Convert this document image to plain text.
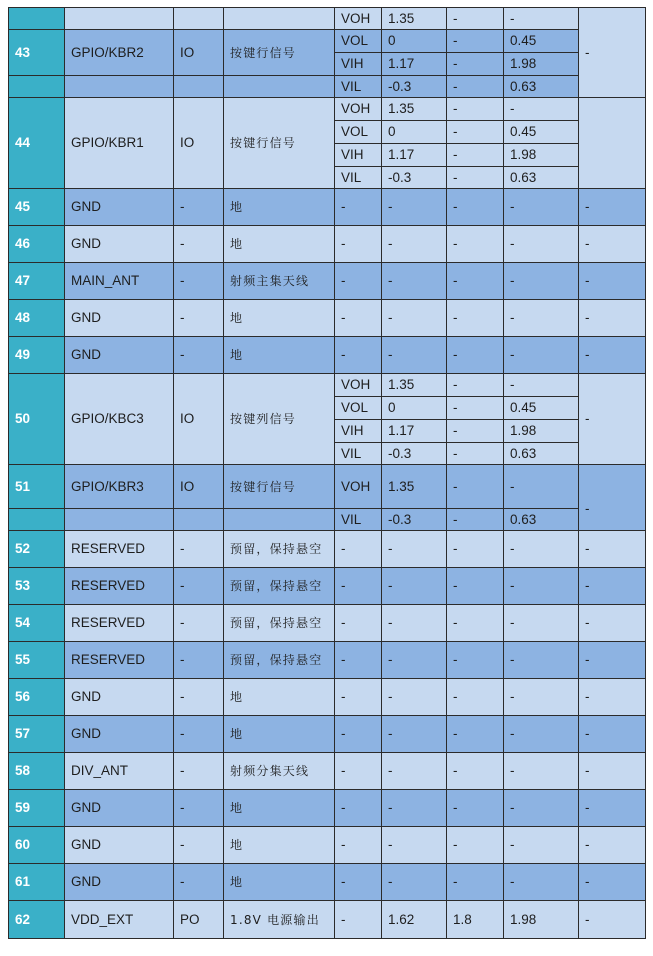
				VOH	1.35	-	-	-
43	GPIO/KBR2	IO	按键行信号	VOL	0	-	0.45	
				VIH	1.17	-	1.98	
				VIL	-0.3	-	0.63	
44	GPIO/KBR1	IO	按键行信号	VOH	1.35	-	-	
				VOL	0	-	0.45	
				VIH	1.17	-	1.98	
				VIL	-0.3	-	0.63	
45	GND	-	地	-	-	-	-	-
46	GND	-	地	-	-	-	-	-
47	MAIN_ANT	-	射频主集天线	-	-	-	-	-
48	GND	-	地	-	-	-	-	-
49	GND	-	地	-	-	-	-	-
50	GPIO/KBC3	IO	按键列信号	VOH	1.35	-	-	-
				VOL	0	-	0.45	
				VIH	1.17	-	1.98	
				VIL	-0.3	-	0.63	
51	GPIO/KBR3	IO	按键行信号	VOH	1.35	-	-	-
				VIL	-0.3	-	0.63	
52	RESERVED	-	预留，保持悬空	-	-	-	-	-
53	RESERVED	-	预留，保持悬空	-	-	-	-	-
54	RESERVED	-	预留，保持悬空	-	-	-	-	-
55	RESERVED	-	预留，保持悬空	-	-	-	-	-
56	GND	-	地	-	-	-	-	-
57	GND	-	地	-	-	-	-	-
58	DIV_ANT	-	射频分集天线	-	-	-	-	-
59	GND	-	地	-	-	-	-	-
60	GND	-	地	-	-	-	-	-
61	GND	-	地	-	-	-	-	-
62	VDD_EXT	PO	1.8V 电源输出	-	1.62	1.8	1.98	-
